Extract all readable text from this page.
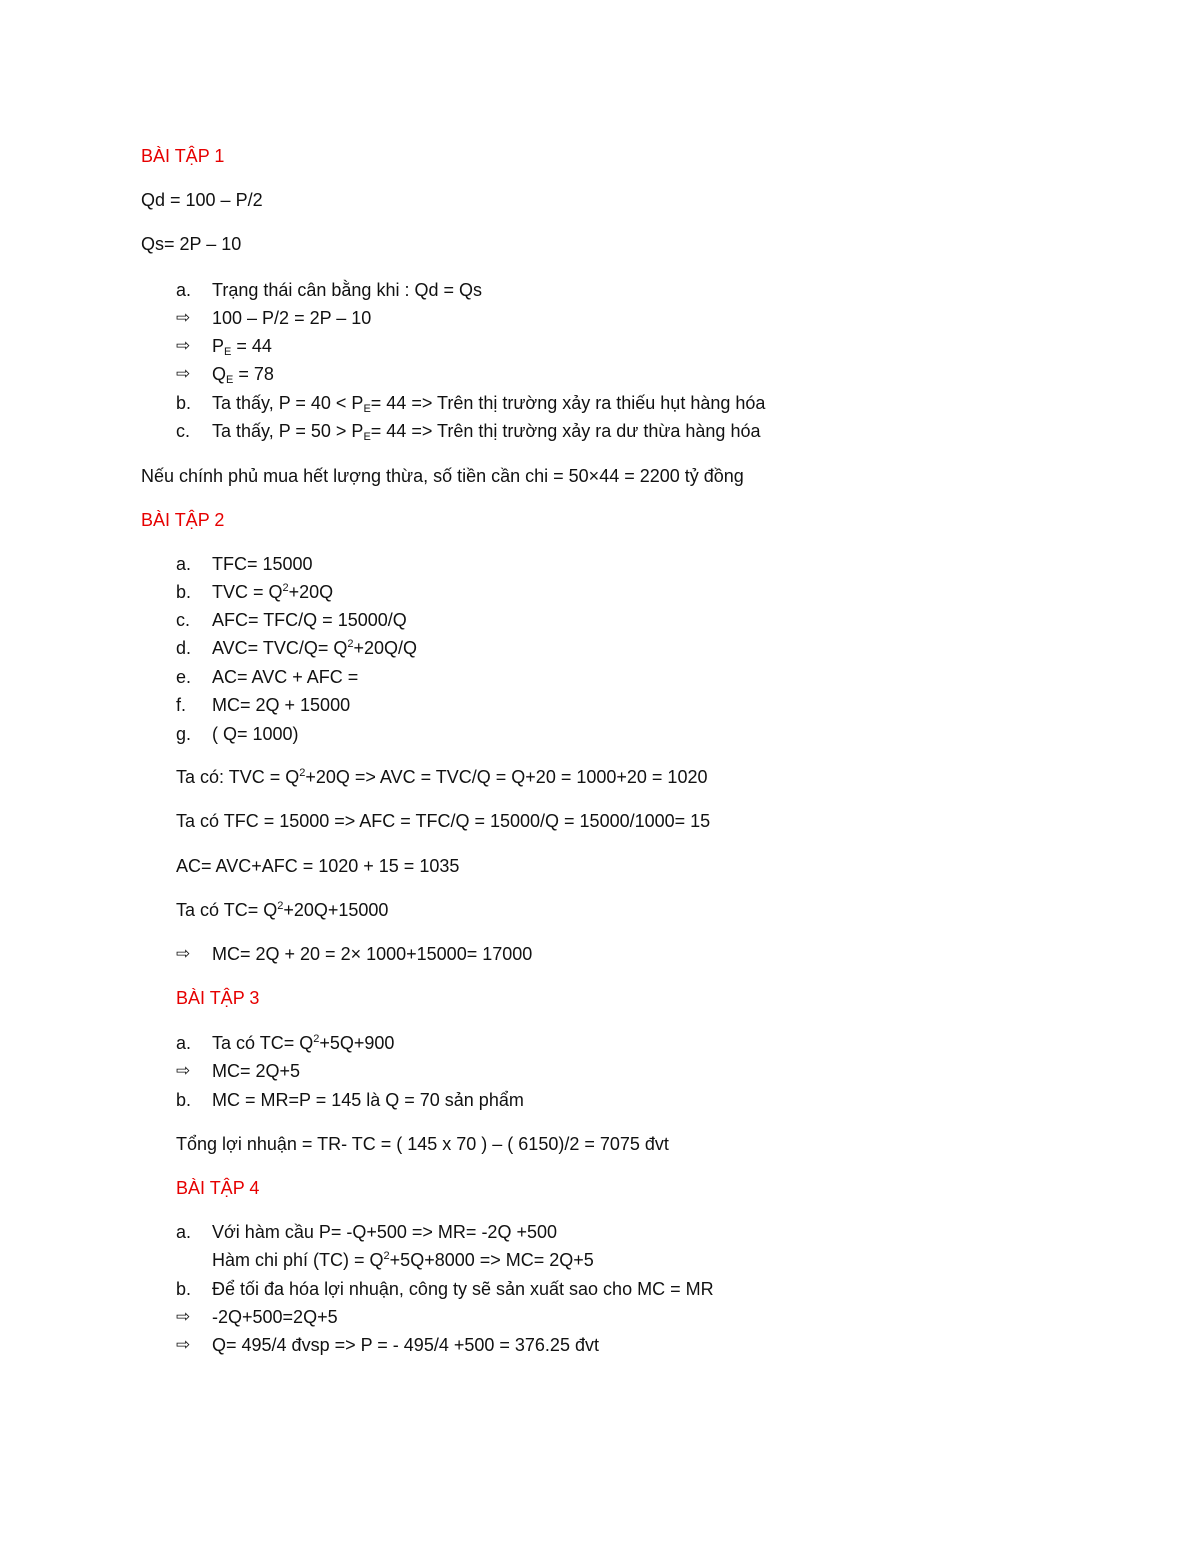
BÀI TẬP 1
Qd = 100 – P/2
Qs= 2P – 10
a.	Trạng thái cân bằng khi : Qd = Qs
⇨	100 – P/2 = 2P – 10
⇨	$P_E = 44$
⇨	$Q_E = 78$
b.	Ta thấy, $P = 40 < P_E= 44$ => Trên thị trường xảy ra thiếu hụt hàng hóa
c.	Ta thấy, $P = 50 > P_E= 44$ => Trên thị trường xảy ra dư thừa hàng hóa
Nếu chính phủ mua hết lượng thừa, số tiền cần chi = 50×44 = 2200 tỷ đồng
BÀI TẬP 2
a.	TFC= 15000
b.	TVC = $Q^2+20Q$
c.	AFC= TFC/Q = 15000/Q
d.	$AVC= TVC/Q= Q^2+20Q/Q$
e.	AC= AVC + AFC =
f.	MC= 2Q + 15000
g.	( Q= 1000)
Ta có: TVC = $Q^2+20Q$ => AVC = TVC/Q = Q+20 = 1000+20 = 1020
Ta có TFC = 15000 => AFC = TFC/Q = 15000/Q = 15000/1000= 15
AC= AVC+AFC = 1020 + 15 = 1035
Ta có $TC= Q^2+20Q+15000$
⇨	MC= 2Q + 20 = 2× 1000+15000= 17000
BÀI TẬP 3
a.	Ta có $TC= Q^2+5Q+900$
⇨	MC= 2Q+5
b.	MC = MR=P = 145 là Q = 70 sản phẩm
Tổng lợi nhuận = TR- TC = ( 145 x 70 ) – ( 6150)/2 = 7075 đvt
BÀI TẬP 4
a.	Với hàm cầu P= -Q+500 => MR= -2Q +500
Hàm chi phí $(TC) = Q^2+5Q+8000 => MC= 2Q+5$
b.	Để tối đa hóa lợi nhuận, công ty sẽ sản xuất sao cho MC = MR
⇨	-2Q+500=2Q+5
⇨	Q= 495/4 đvsp => P = - 495/4 +500 = 376.25 đvt
